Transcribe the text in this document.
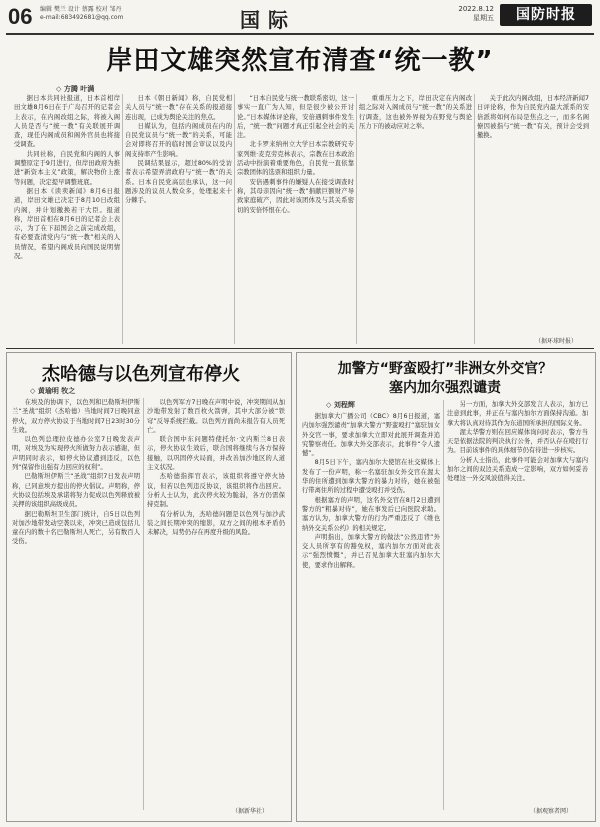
06 编辑 樊兰 设计 蔡露 校对 邹丹
e-mail:683492681@qq.com	国际	2022.8.12
星期五	国防时报
岸田文雄突然宣布清查“统一教”
◇ 方腾 叶满

据日本共同社报道，日本首相岸田文雄8月6日在于广岛召开的记者会上表示，在内阁改组之际，将被入阁人员是否与“统一教”有关联展开调查，现任内阁成员和阁外官员也将接受调查。

共同社称，自民党和内阁的人事调整原定于9月进行，但岸田政府为推进“新资本主义”政策，解决物价上涨等问题，决定提早调整班底。

据日本《读卖新闻》8月6日报道，岸田文雄已决定于8月10日改组内阁，并计划撤换若干大臣。报道称，岸田首相在8月6日的记者会上表示，为了在下届国会之前完成改组，有必要查清党内与“统一教”相关的人员情况，希望内阁成员向国民说明情况。

日本《朝日新闻》称，自民党相关人员与“统一教”存在关系的报道接连出现，已成为舆论关注的焦点。

日媒认为，包括内阁成员在内的自民党议员与“统一教”的关系，可能会对即将召开的临时国会审议以及内阁支持率产生影响。

民调结果显示，超过80%的受访者表示希望弄清政府与“统一教”的关系。日本自民党高层也承认，这一问题涉及的议员人数众多，处理起来十分棘手。

“日本自民党与统一教联系密切，这一事实一直广为人知，但是很少被公开讨论。”日本媒体评论称，安倍遇刺事件发生后，“统一教”问题才真正引起全社会的关注。

北卡罗来纳州立大学日本宗教研究专家列维·麦克劳克林表示，宗教在日本政治活动中扮演着重要角色，自民党一直依靠宗教团体的选票和组织力量。

安倍遇刺事件的嫌疑人在接受调查时称，其母亲因向“统一教”捐献巨额财产导致家庭破产，因此对该团体及与其关系密切的安倍怀恨在心。

重重压力之下，岸田决定在内阁改组之际对入阁成员与“统一教”的关系进行调查，这也被外界视为在野党与舆论压力下的被动应对之举。

关于此次内阁改组，日本经济新闻7日评论称，作为自民党内最大派系的安倍派将如何布局是焦点之一，而多名阁僚因被指与“统一教”有关，预计会受到撤换。

（据环球时报）
杰哈德与以色列宣布停火
◇ 黄瑜明 牧之

在埃及的协调下，以色列和巴勒斯坦伊斯兰“圣战”组织（杰哈德）当地时间7日晚同意停火，双方停火协议于当地时间7日23时30分生效。

以色列总理拉皮德办公室7日晚发表声明，对埃及为实现停火所做努力表示感谢，但声明同时表示，如停火协议遭到违反，以色列“保留作出强有力回应的权利”。

巴勒斯坦伊斯兰“圣战”组织7日发表声明称，已同意埃方提出的停火倡议。声明称，停火协议包括埃及承诺将努力促成以色列释放被关押的该组织高级成员。

据巴勒斯坦卫生部门统计，自5日以色列对加沙地带发动空袭以来，冲突已造成包括儿童在内的数十名巴勒斯坦人死亡，另有数百人受伤。

以色列军方7日晚在声明中说，冲突期间从加沙地带发射了数百枚火箭弹，其中大部分被“铁穹”反导系统拦截。以色列方面尚未报告有人员死亡。

联合国中东问题特使托尔·文内斯兰8日表示，停火协议生效后，联合国将继续与各方保持接触，以巩固停火局面，并改善加沙地区的人道主义状况。

杰哈德指挥官表示，该组织将遵守停火协议，但若以色列违反协议，该组织将作出回应。分析人士认为，此次停火较为脆弱，各方仍需保持克制。

有分析认为，杰哈德问题是以色列与加沙武装之间长期冲突的缩影，双方之间的根本矛盾仍未解决，局势仍存在再度升级的风险。

（据新华社）
加警方“野蛮殴打”非洲女外交官？
塞内加尔强烈谴责
◇ 刘程辉

据加拿大广播公司（CBC）8月6日报道，塞内加尔强烈谴责“加拿大警方”野蛮殴打“塞驻加女外交官一事，要求加拿大立即对此展开调查并追究警察责任。加拿大外交部表示，此事件“令人遗憾”。

8月5日下午，塞内加尔大使馆在社交媒体上发布了一份声明，称一名塞驻加女外交官在渥太华的住所遭到加拿大警方的暴力对待，她在被强行带离住所的过程中遭受殴打并受伤。

根据塞方的声明，这名外交官在8月2日遭到警方的“粗暴对待”，她在事发后已向医院求助。塞方认为，加拿大警方的行为严重违反了《维也纳外交关系公约》的相关规定。

声明指出，加拿大警方的做法“公然违背”外交人员所享有的豁免权，塞内加尔方面对此表示“强烈愤慨”，并已召见加拿大驻塞内加尔大使，要求作出解释。

另一方面，加拿大外交部发言人表示，加方已注意到此事，并正在与塞内加尔方面保持沟通。加拿大将认真对待其作为东道国所承担的国际义务。

渥太华警方则在回应媒体询问时表示，警方当天是依据法院的判决执行公务，并否认存在殴打行为。目前该事件的具体细节仍有待进一步核实。

分析人士指出，此事件可能会对加拿大与塞内加尔之间的双边关系造成一定影响，双方如何妥善处理这一外交风波值得关注。

（据观察者网）
